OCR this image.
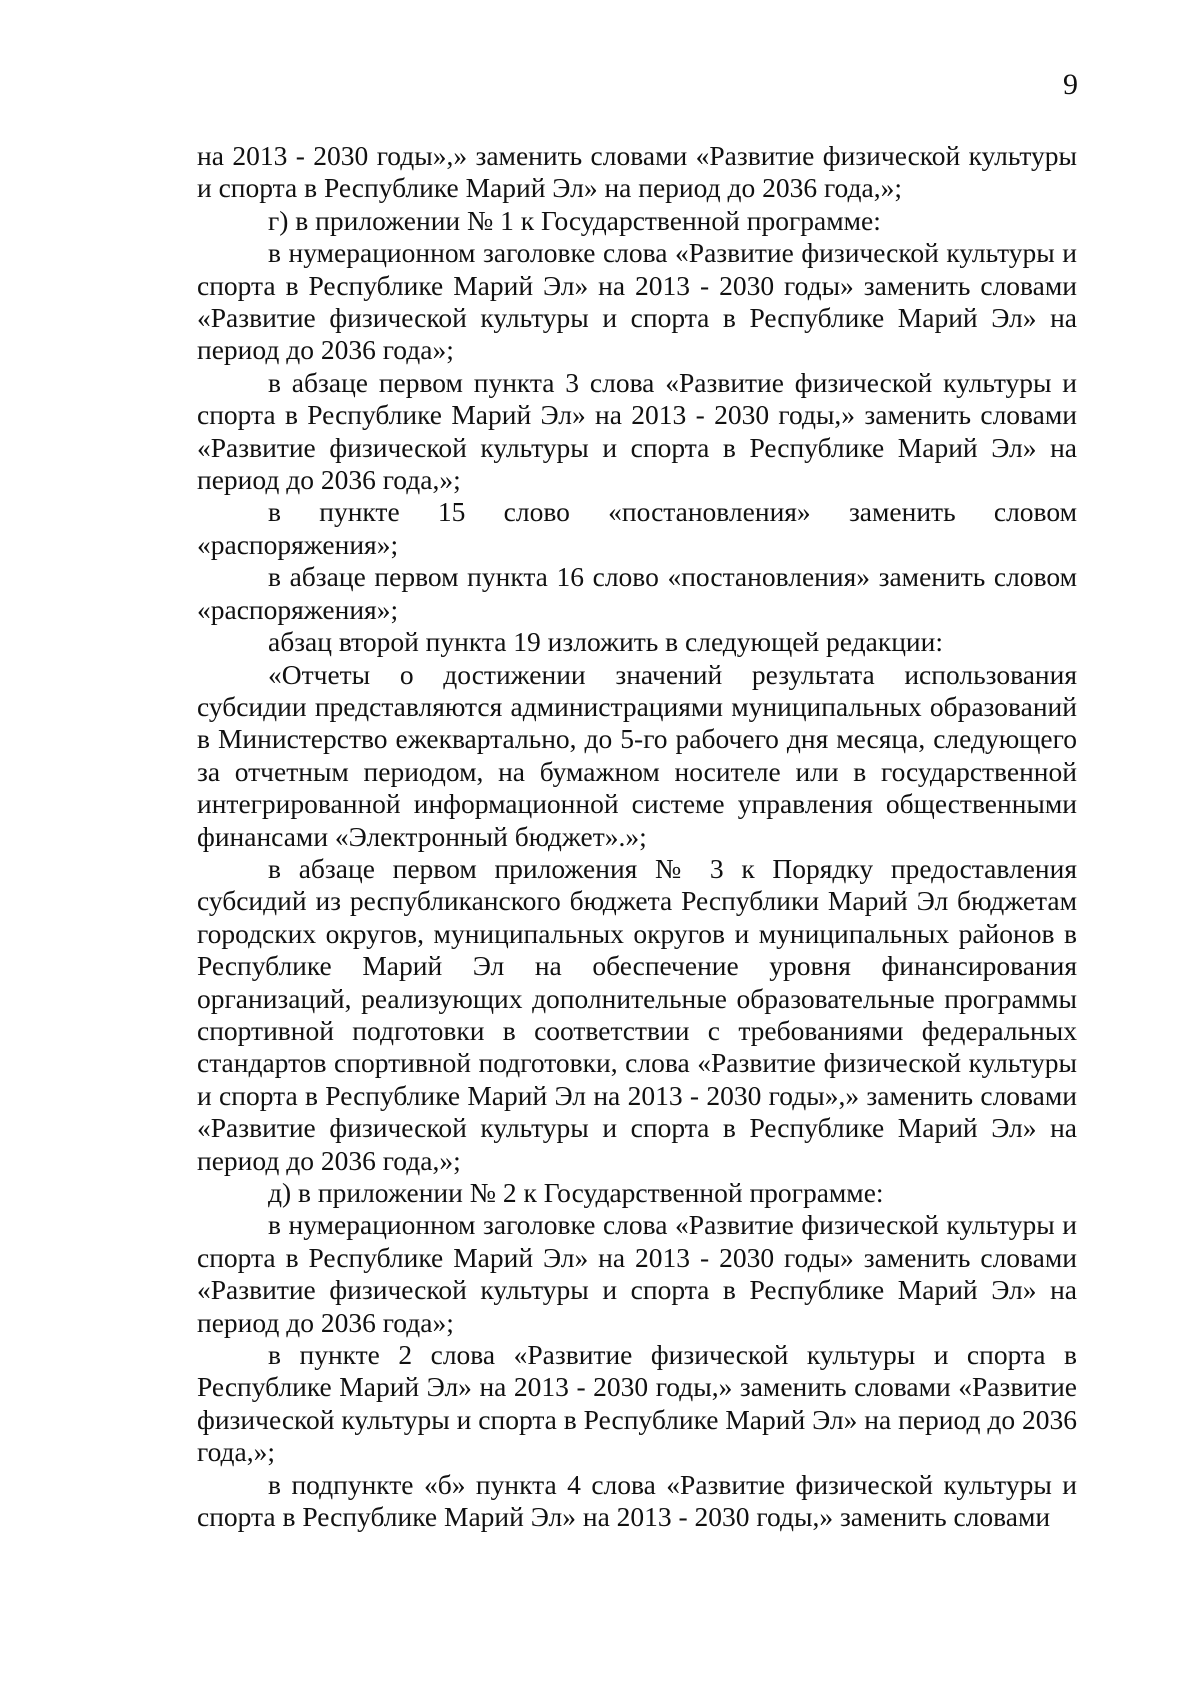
9

на 2013 - 2030 годы»,» заменить словами «Развитие физической культуры и спорта в Республике Марий Эл» на период до 2036 года,»;

г) в приложении № 1 к Государственной программе:

в нумерационном заголовке слова «Развитие физической культуры и спорта в Республике Марий Эл» на 2013 - 2030 годы» заменить словами «Развитие физической культуры и спорта в Республике Марий Эл» на период до 2036 года»;

в абзаце первом пункта 3 слова «Развитие физической культуры и спорта в Республике Марий Эл» на 2013 - 2030 годы,» заменить словами «Развитие физической культуры и спорта в Республике Марий Эл» на период до 2036 года,»;

в пункте 15 слово «постановления» заменить словом «распоряжения»;

в абзаце первом пункта 16 слово «постановления» заменить словом «распоряжения»;

абзац второй пункта 19 изложить в следующей редакции:

«Отчеты о достижении значений результата использования субсидии представляются администрациями муниципальных образований в Министерство ежеквартально, до 5-го рабочего дня месяца, следующего за отчетным периодом, на бумажном носителе или в государственной интегрированной информационной системе управления общественными финансами «Электронный бюджет».»;

в абзаце первом приложения № 3 к Порядку предоставления субсидий из республиканского бюджета Республики Марий Эл бюджетам городских округов, муниципальных округов и муниципальных районов в Республике Марий Эл на обеспечение уровня финансирования организаций, реализующих дополнительные образовательные программы спортивной подготовки в соответствии с требованиями федеральных стандартов спортивной подготовки, слова «Развитие физической культуры и спорта в Республике Марий Эл на 2013 - 2030 годы»,» заменить словами «Развитие физической культуры и спорта в Республике Марий Эл» на период до 2036 года,»;

д) в приложении № 2 к Государственной программе:

в нумерационном заголовке слова «Развитие физической культуры и спорта в Республике Марий Эл» на 2013 - 2030 годы» заменить словами «Развитие физической культуры и спорта в Республике Марий Эл» на период до 2036 года»;

в пункте 2 слова «Развитие физической культуры и спорта в Республике Марий Эл» на 2013 - 2030 годы,» заменить словами «Развитие физической культуры и спорта в Республике Марий Эл» на период до 2036 года,»;

в подпункте «б» пункта 4 слова «Развитие физической культуры и спорта в Республике Марий Эл» на 2013 - 2030 годы,» заменить словами
